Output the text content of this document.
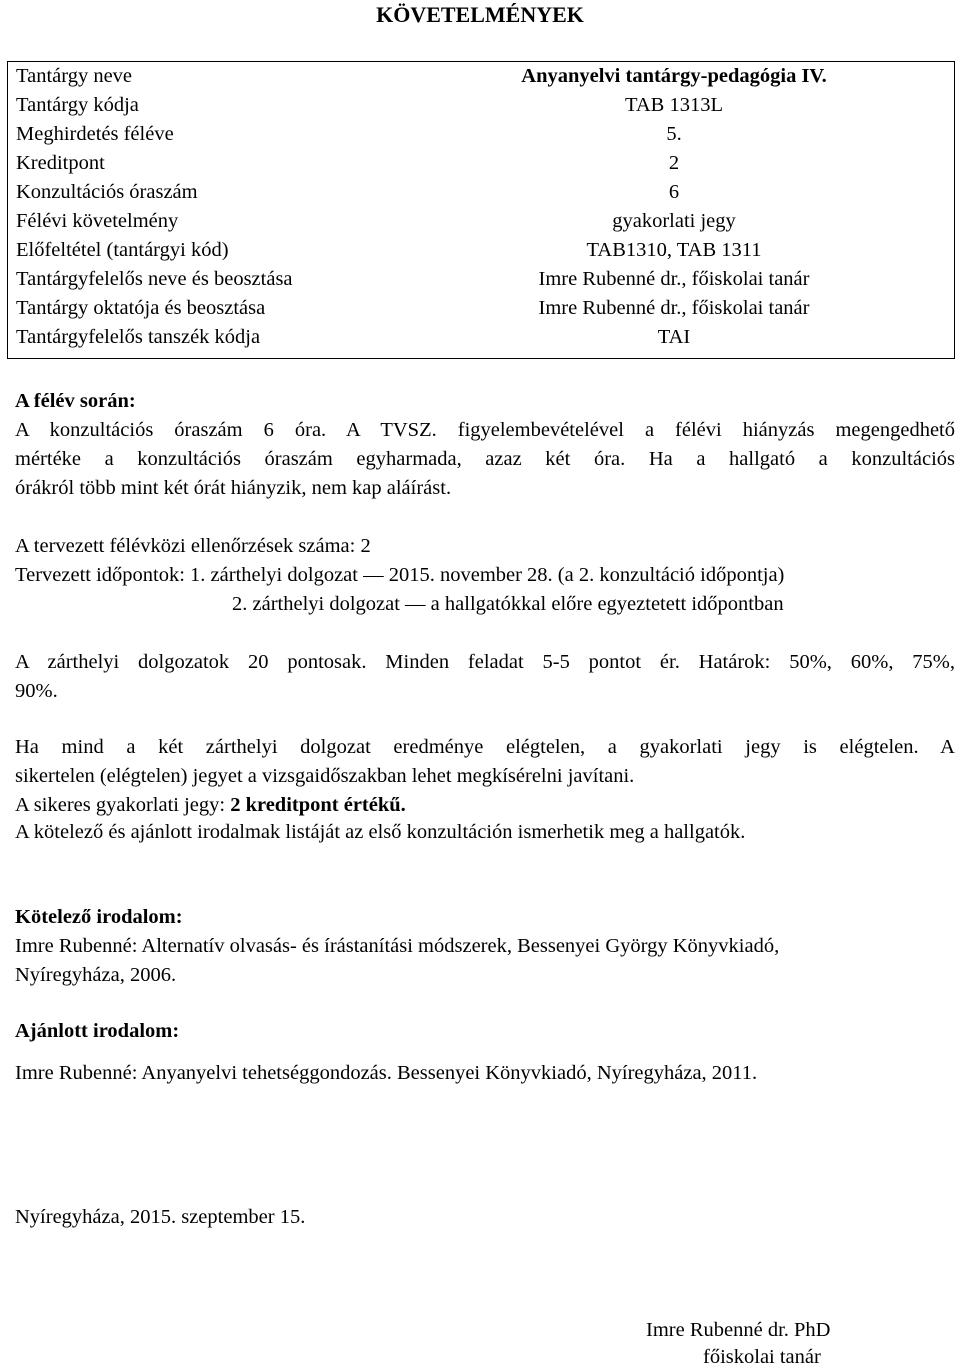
KÖVETELMÉNYEK
Tantárgy neve	Anyanyelvi tantárgy-pedagógia IV.
Tantárgy kódja	TAB 1313L
Meghirdetés féléve	5.
Kreditpont	2
Konzultációs óraszám	6
Félévi követelmény	gyakorlati jegy
Előfeltétel (tantárgyi kód)	TAB1310, TAB 1311
Tantárgyfelelős neve és beosztása	Imre Rubenné dr., főiskolai tanár
Tantárgy oktatója és beosztása	Imre Rubenné dr., főiskolai tanár
Tantárgyfelelős tanszék kódja	TAI
A félév során:
A konzultációs óraszám 6 óra. A TVSZ. figyelembevételével a félévi hiányzás megengedhető
mértéke a konzultációs óraszám egyharmada, azaz két óra. Ha a hallgató a konzultációs
órákról több mint két órát hiányzik, nem kap aláírást.
A tervezett félévközi ellenőrzések száma: 2
Tervezett időpontok: 1. zárthelyi dolgozat — 2015. november 28. (a 2. konzultáció időpontja)
2. zárthelyi dolgozat — a hallgatókkal előre egyeztetett időpontban
A zárthelyi dolgozatok 20 pontosak. Minden feladat 5-5 pontot ér. Határok: 50%, 60%, 75%,
90%.
Ha mind a két zárthelyi dolgozat eredménye elégtelen, a gyakorlati jegy is elégtelen. A
sikertelen (elégtelen) jegyet a vizsgaidőszakban lehet megkísérelni javítani.
A sikeres gyakorlati jegy: 2 kreditpont értékű.
A kötelező és ajánlott irodalmak listáját az első konzultáción ismerhetik meg a hallgatók.
Kötelező irodalom:
Imre Rubenné: Alternatív olvasás- és írástanítási módszerek, Bessenyei György Könyvkiadó,
Nyíregyháza, 2006.
Ajánlott irodalom:
Imre Rubenné: Anyanyelvi tehetséggondozás. Bessenyei Könyvkiadó, Nyíregyháza, 2011.
Nyíregyháza, 2015. szeptember 15.
Imre Rubenné dr. PhD
főiskolai tanár
